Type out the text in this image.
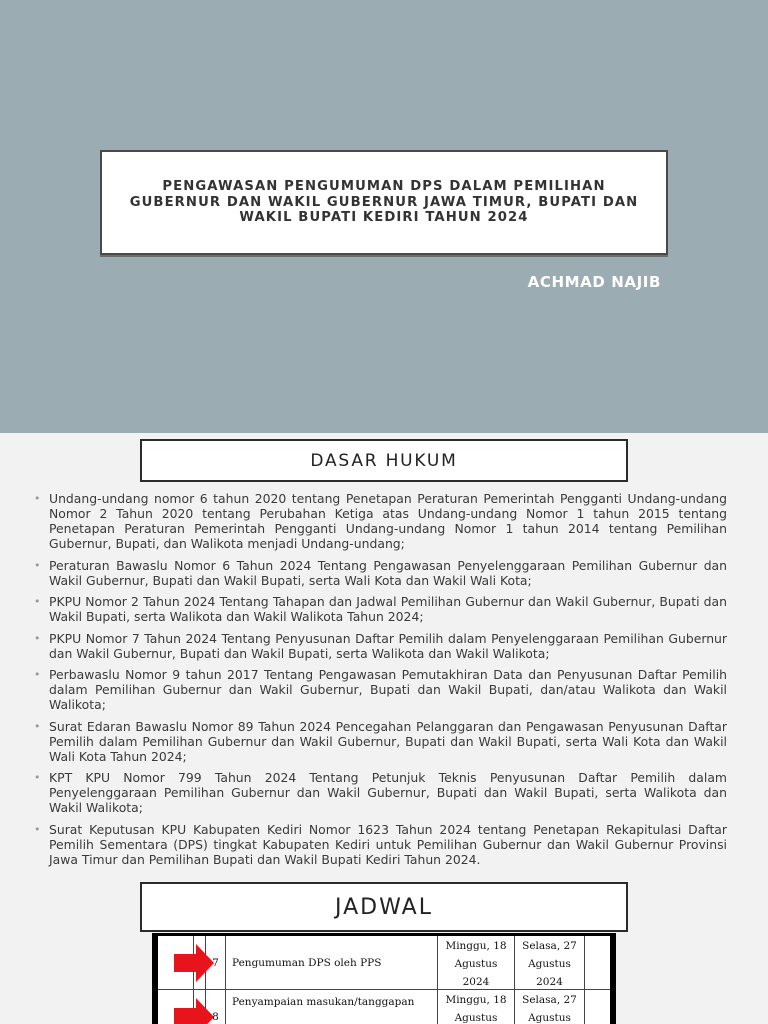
PENGAWASAN PENGUMUMAN DPS DALAM PEMILIHAN GUBERNUR DAN WAKIL GUBERNUR JAWA TIMUR, BUPATI DAN WAKIL BUPATI KEDIRI TAHUN 2024
ACHMAD NAJIB
DASAR HUKUM
• Undang-undang nomor 6 tahun 2020 tentang Penetapan Peraturan Pemerintah Pengganti Undang-undang Nomor 2 Tahun 2020 tentang Perubahan Ketiga atas Undang-undang Nomor 1 tahun 2015 tentang Penetapan Peraturan Pemerintah Pengganti Undang-undang Nomor 1 tahun 2014 tentang Pemilihan Gubernur, Bupati, dan Walikota menjadi Undang-undang;
• Peraturan Bawaslu Nomor 6 Tahun 2024 Tentang Pengawasan Penyelenggaraan Pemilihan Gubernur dan Wakil Gubernur, Bupati dan Wakil Bupati, serta Wali Kota dan Wakil Wali Kota;
• PKPU Nomor 2 Tahun 2024 Tentang Tahapan dan Jadwal Pemilihan Gubernur dan Wakil Gubernur, Bupati dan Wakil Bupati, serta Walikota dan Wakil Walikota Tahun 2024;
• PKPU Nomor 7 Tahun 2024 Tentang Penyusunan Daftar Pemilih dalam Penyelenggaraan Pemilihan Gubernur dan Wakil Gubernur, Bupati dan Wakil Bupati, serta Walikota dan Wakil Walikota;
• Perbawaslu Nomor 9 tahun 2017 Tentang Pengawasan Pemutakhiran Data dan Penyusunan Daftar Pemilih dalam Pemilihan Gubernur dan Wakil Gubernur, Bupati dan Wakil Bupati, dan/atau Walikota dan Wakil Walikota;
• Surat Edaran Bawaslu Nomor 89 Tahun 2024 Pencegahan Pelanggaran dan Pengawasan Penyusunan Daftar Pemilih dalam Pemilihan Gubernur dan Wakil Gubernur, Bupati dan Wakil Bupati, serta Wali Kota dan Wakil Wali Kota Tahun 2024;
• KPT KPU Nomor 799 Tahun 2024 Tentang Petunjuk Teknis Penyusunan Daftar Pemilih dalam Penyelenggaraan Pemilihan Gubernur dan Wakil Gubernur, Bupati dan Wakil Bupati, serta Walikota dan Wakil Walikota;
• Surat Keputusan KPU Kabupaten Kediri Nomor 1623 Tahun 2024 tentang Penetapan Rekapitulasi Daftar Pemilih Sementara (DPS) tingkat Kabupaten Kediri untuk Pemilihan Gubernur dan Wakil Gubernur Provinsi Jawa Timur dan Pemilihan Bupati dan Wakil Bupati Kediri Tahun 2024.
JADWAL
7	Pengumuman DPS oleh PPS
Minggu, 18
Agustus
2024
Selasa, 27
Agustus
2024
8
Penyampaian masukan/tanggapan	Minggu, 18
Agustus
Selasa, 27
Agustus
